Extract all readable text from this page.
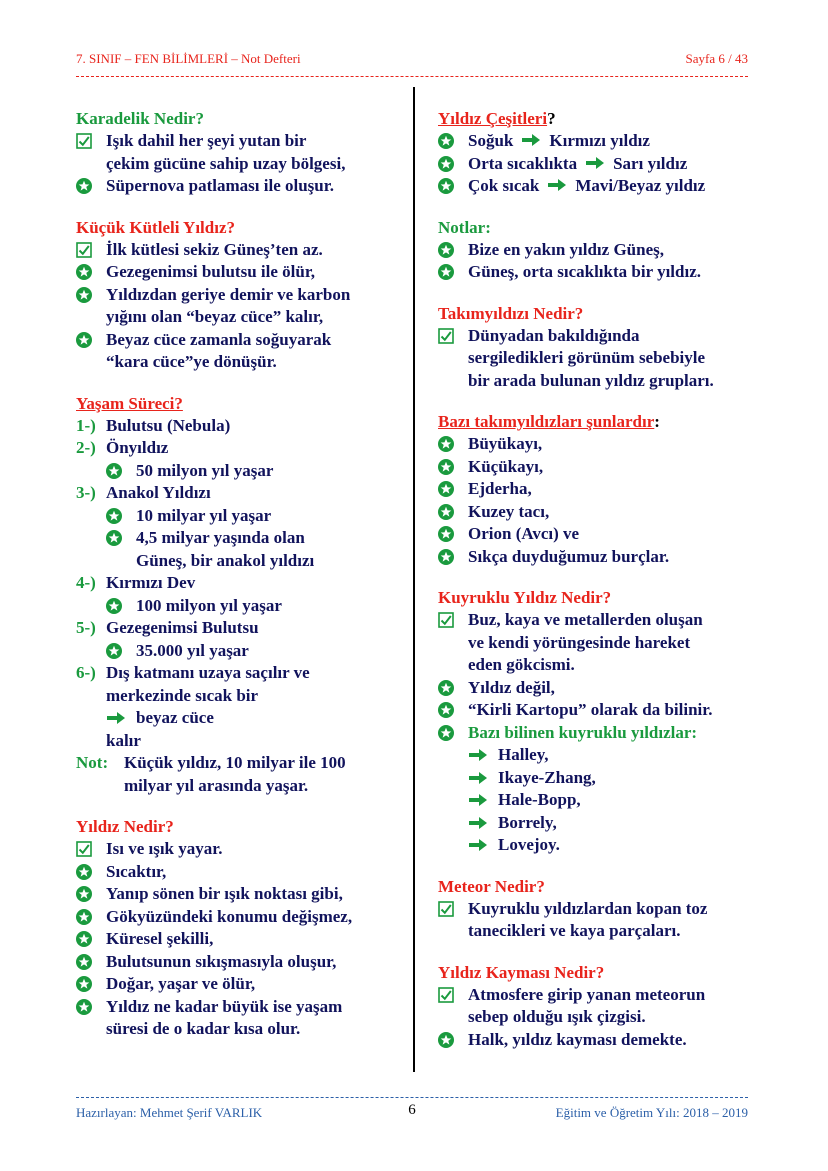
7. SINIF – FEN BİLİMLERİ – Not Defteri	Sayfa 6 / 43
Karadelik Nedir?
Işık dahil her şeyi yutan bir
çekim gücüne sahip uzay bölgesi,
Süpernova patlaması ile oluşur.
Küçük Kütleli Yıldız?
İlk kütlesi sekiz Güneş’ten az.
Gezegenimsi bulutsu ile ölür,
Yıldızdan geriye demir ve karbon
yığını olan “beyaz cüce” kalır,
Beyaz cüce zamanla soğuyarak
“kara cüce”ye dönüşür.
Yaşam Süreci?
1-) Bulutsu (Nebula)
2-) Önyıldız
50 milyon yıl yaşar
3-) Anakol Yıldızı
10 milyar yıl yaşar
4,5 milyar yaşında olan
Güneş, bir anakol yıldızı
4-) Kırmızı Dev
100 milyon yıl yaşar
5-) Gezegenimsi Bulutsu
35.000 yıl yaşar
6-) Dış katmanı uzaya saçılır ve
merkezinde sıcak bir
beyaz cüce
kalır
Not: Küçük yıldız, 10 milyar ile 100
milyar yıl arasında yaşar.
Yıldız Nedir?
Isı ve ışık yayar.
Sıcaktır,
Yanıp sönen bir ışık noktası gibi,
Gökyüzündeki konumu değişmez,
Küresel şekilli,
Bulutsunun sıkışmasıyla oluşur,
Doğar, yaşar ve ölür,
Yıldız ne kadar büyük ise yaşam
süresi de o kadar kısa olur.
Yıldız Çeşitleri?
Soğuk Kırmızı yıldız
Orta sıcaklıkta Sarı yıldız
Çok sıcak Mavi/Beyaz yıldız
Notlar:
Bize en yakın yıldız Güneş,
Güneş, orta sıcaklıkta bir yıldız.
Takımyıldızı Nedir?
Dünyadan bakıldığında
sergiledikleri görünüm sebebiyle
bir arada bulunan yıldız grupları.
Bazı takımyıldızları şunlardır:
Büyükayı,
Küçükayı,
Ejderha,
Kuzey tacı,
Orion (Avcı) ve
Sıkça duyduğumuz burçlar.
Kuyruklu Yıldız Nedir?
Buz, kaya ve metallerden oluşan
ve kendi yörüngesinde hareket
eden gökcismi.
Yıldız değil,
“Kirli Kartopu” olarak da bilinir.
Bazı bilinen kuyruklu yıldızlar:
Halley,
Ikaye-Zhang,
Hale-Bopp,
Borrely,
Lovejoy.
Meteor Nedir?
Kuyruklu yıldızlardan kopan toz
tanecikleri ve kaya parçaları.
Yıldız Kayması Nedir?
Atmosfere girip yanan meteorun
sebep olduğu ışık çizgisi.
Halk, yıldız kayması demekte.
Hazırlayan: Mehmet Şerif VARLIK	6	Eğitim ve Öğretim Yılı: 2018 – 2019
